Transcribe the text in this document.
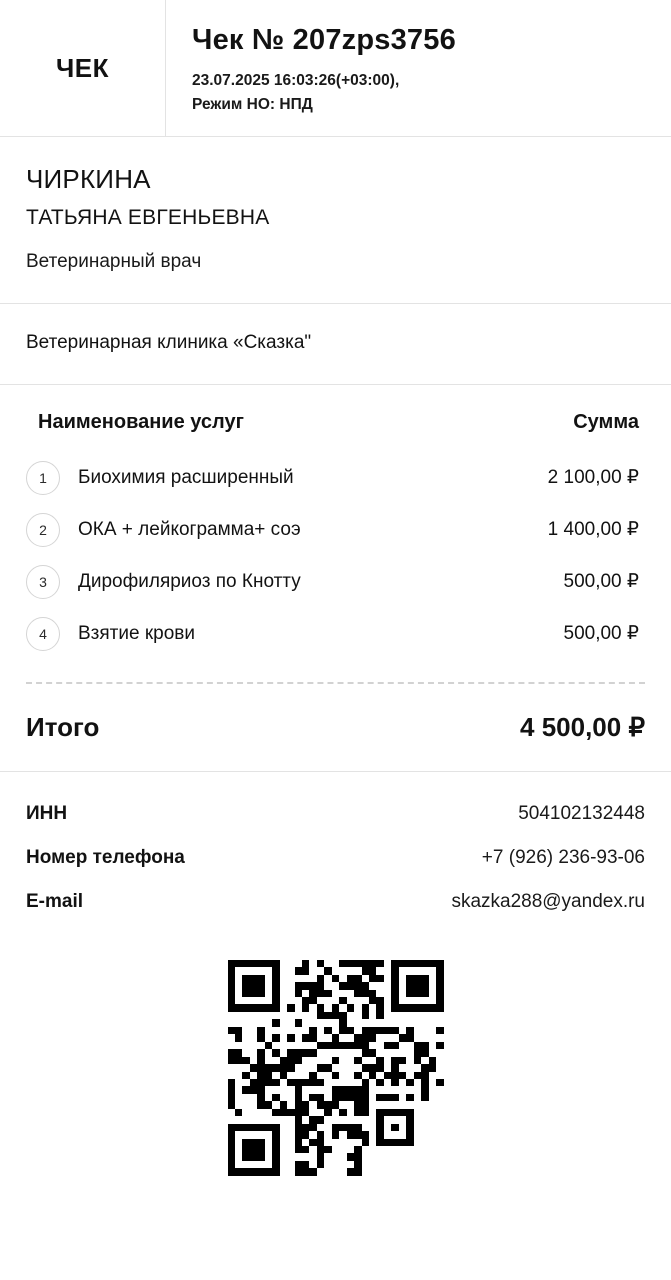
ЧЕК
Чек № 207zps3756
23.07.2025 16:03:26(+03:00),
Режим НО: НПД
ЧИРКИНА
ТАТЬЯНА ЕВГЕНЬЕВНА
Ветеринарный врач
Ветеринарная клиника «Сказка"
Наименование услуг	Сумма
1	Биохимия расширенный	2 100,00 ₽
2	ОКА + лейкограмма+ соэ	1 400,00 ₽
3	Дирофиляриоз по Кнотту	500,00 ₽
4	Взятие крови	500,00 ₽
Итого	4 500,00 ₽
ИНН	504102132448
Номер телефона	+7 (926) 236-93-06
E-mail	skazka288@yandex.ru
